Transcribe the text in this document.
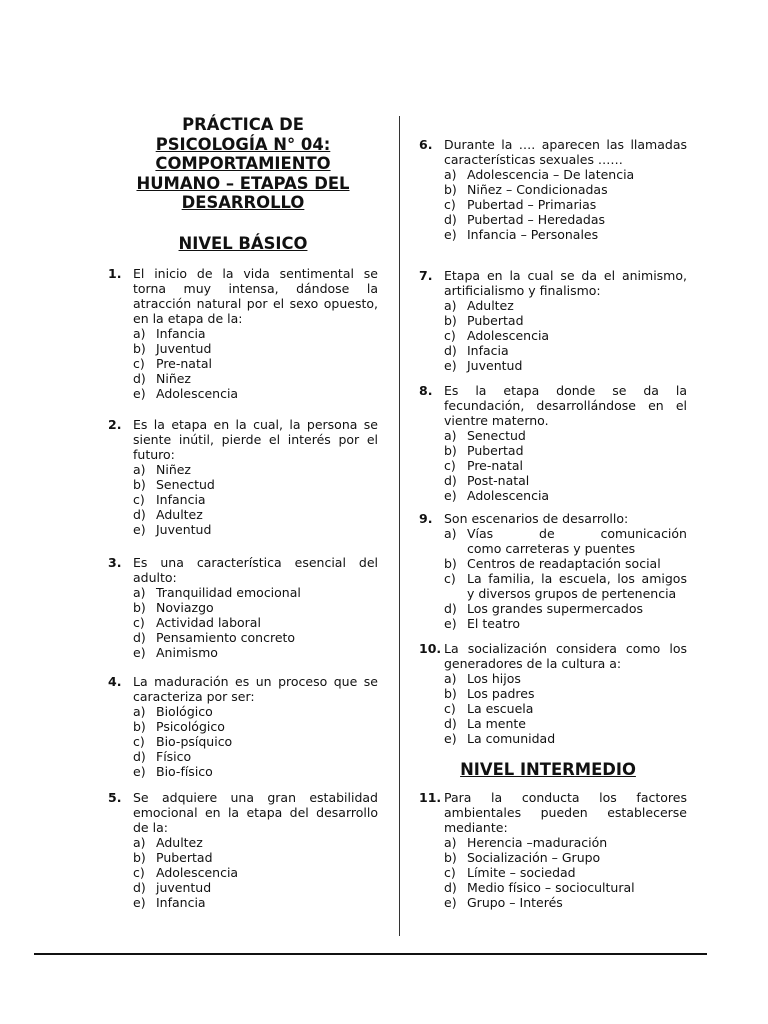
PRÁCTICA DE
PSICOLOGÍA N° 04:
COMPORTAMIENTO
HUMANO – ETAPAS DEL
DESARROLLO
NIVEL BÁSICO
NIVEL INTERMEDIO
1. El inicio de la vida sentimental se torna muy intensa, dándose la atracción natural por el sexo opuesto, en la etapa de la:
a) Infancia
b) Juventud
c) Pre-natal
d) Niñez
e) Adolescencia
2. Es la etapa en la cual, la persona se siente inútil, pierde el interés por el futuro:
a) Niñez
b) Senectud
c) Infancia
d) Adultez
e) Juventud
3. Es una característica esencial del adulto:
a) Tranquilidad emocional
b) Noviazgo
c) Actividad laboral
d) Pensamiento concreto
e) Animismo
4. La maduración es un proceso que se caracteriza por ser:
a) Biológico
b) Psicológico
c) Bio-psíquico
d) Físico
e) Bio-físico
5. Se adquiere una gran estabilidad emocional en la etapa del desarrollo de la:
a) Adultez
b) Pubertad
c) Adolescencia
d) juventud
e) Infancia
6. Durante la …. aparecen las llamadas características sexuales ……
a) Adolescencia – De latencia
b) Niñez – Condicionadas
c) Pubertad – Primarias
d) Pubertad – Heredadas
e) Infancia – Personales
7. Etapa en la cual se da el animismo, artificialismo y finalismo:
a) Adultez
b) Pubertad
c) Adolescencia
d) Infacia
e) Juventud
8. Es la etapa donde se da la fecundación, desarrollándose en el vientre materno.
a) Senectud
b) Pubertad
c) Pre-natal
d) Post-natal
e) Adolescencia
9. Son escenarios de desarrollo:
a) Vías	de	comunicación
como carreteras y puentes
b) Centros de readaptación social
c) La familia, la escuela, los amigos
y diversos grupos de pertenencia
d) Los grandes supermercados
e) El teatro
10. La socialización considera como los generadores de la cultura a:
a) Los hijos
b) Los padres
c) La escuela
d) La mente
e) La comunidad
11. Para la conducta los factores ambientales pueden establecerse mediante:
a) Herencia –maduración
b) Socialización – Grupo
c) Límite – sociedad
d) Medio físico – sociocultural
e) Grupo – Interés
